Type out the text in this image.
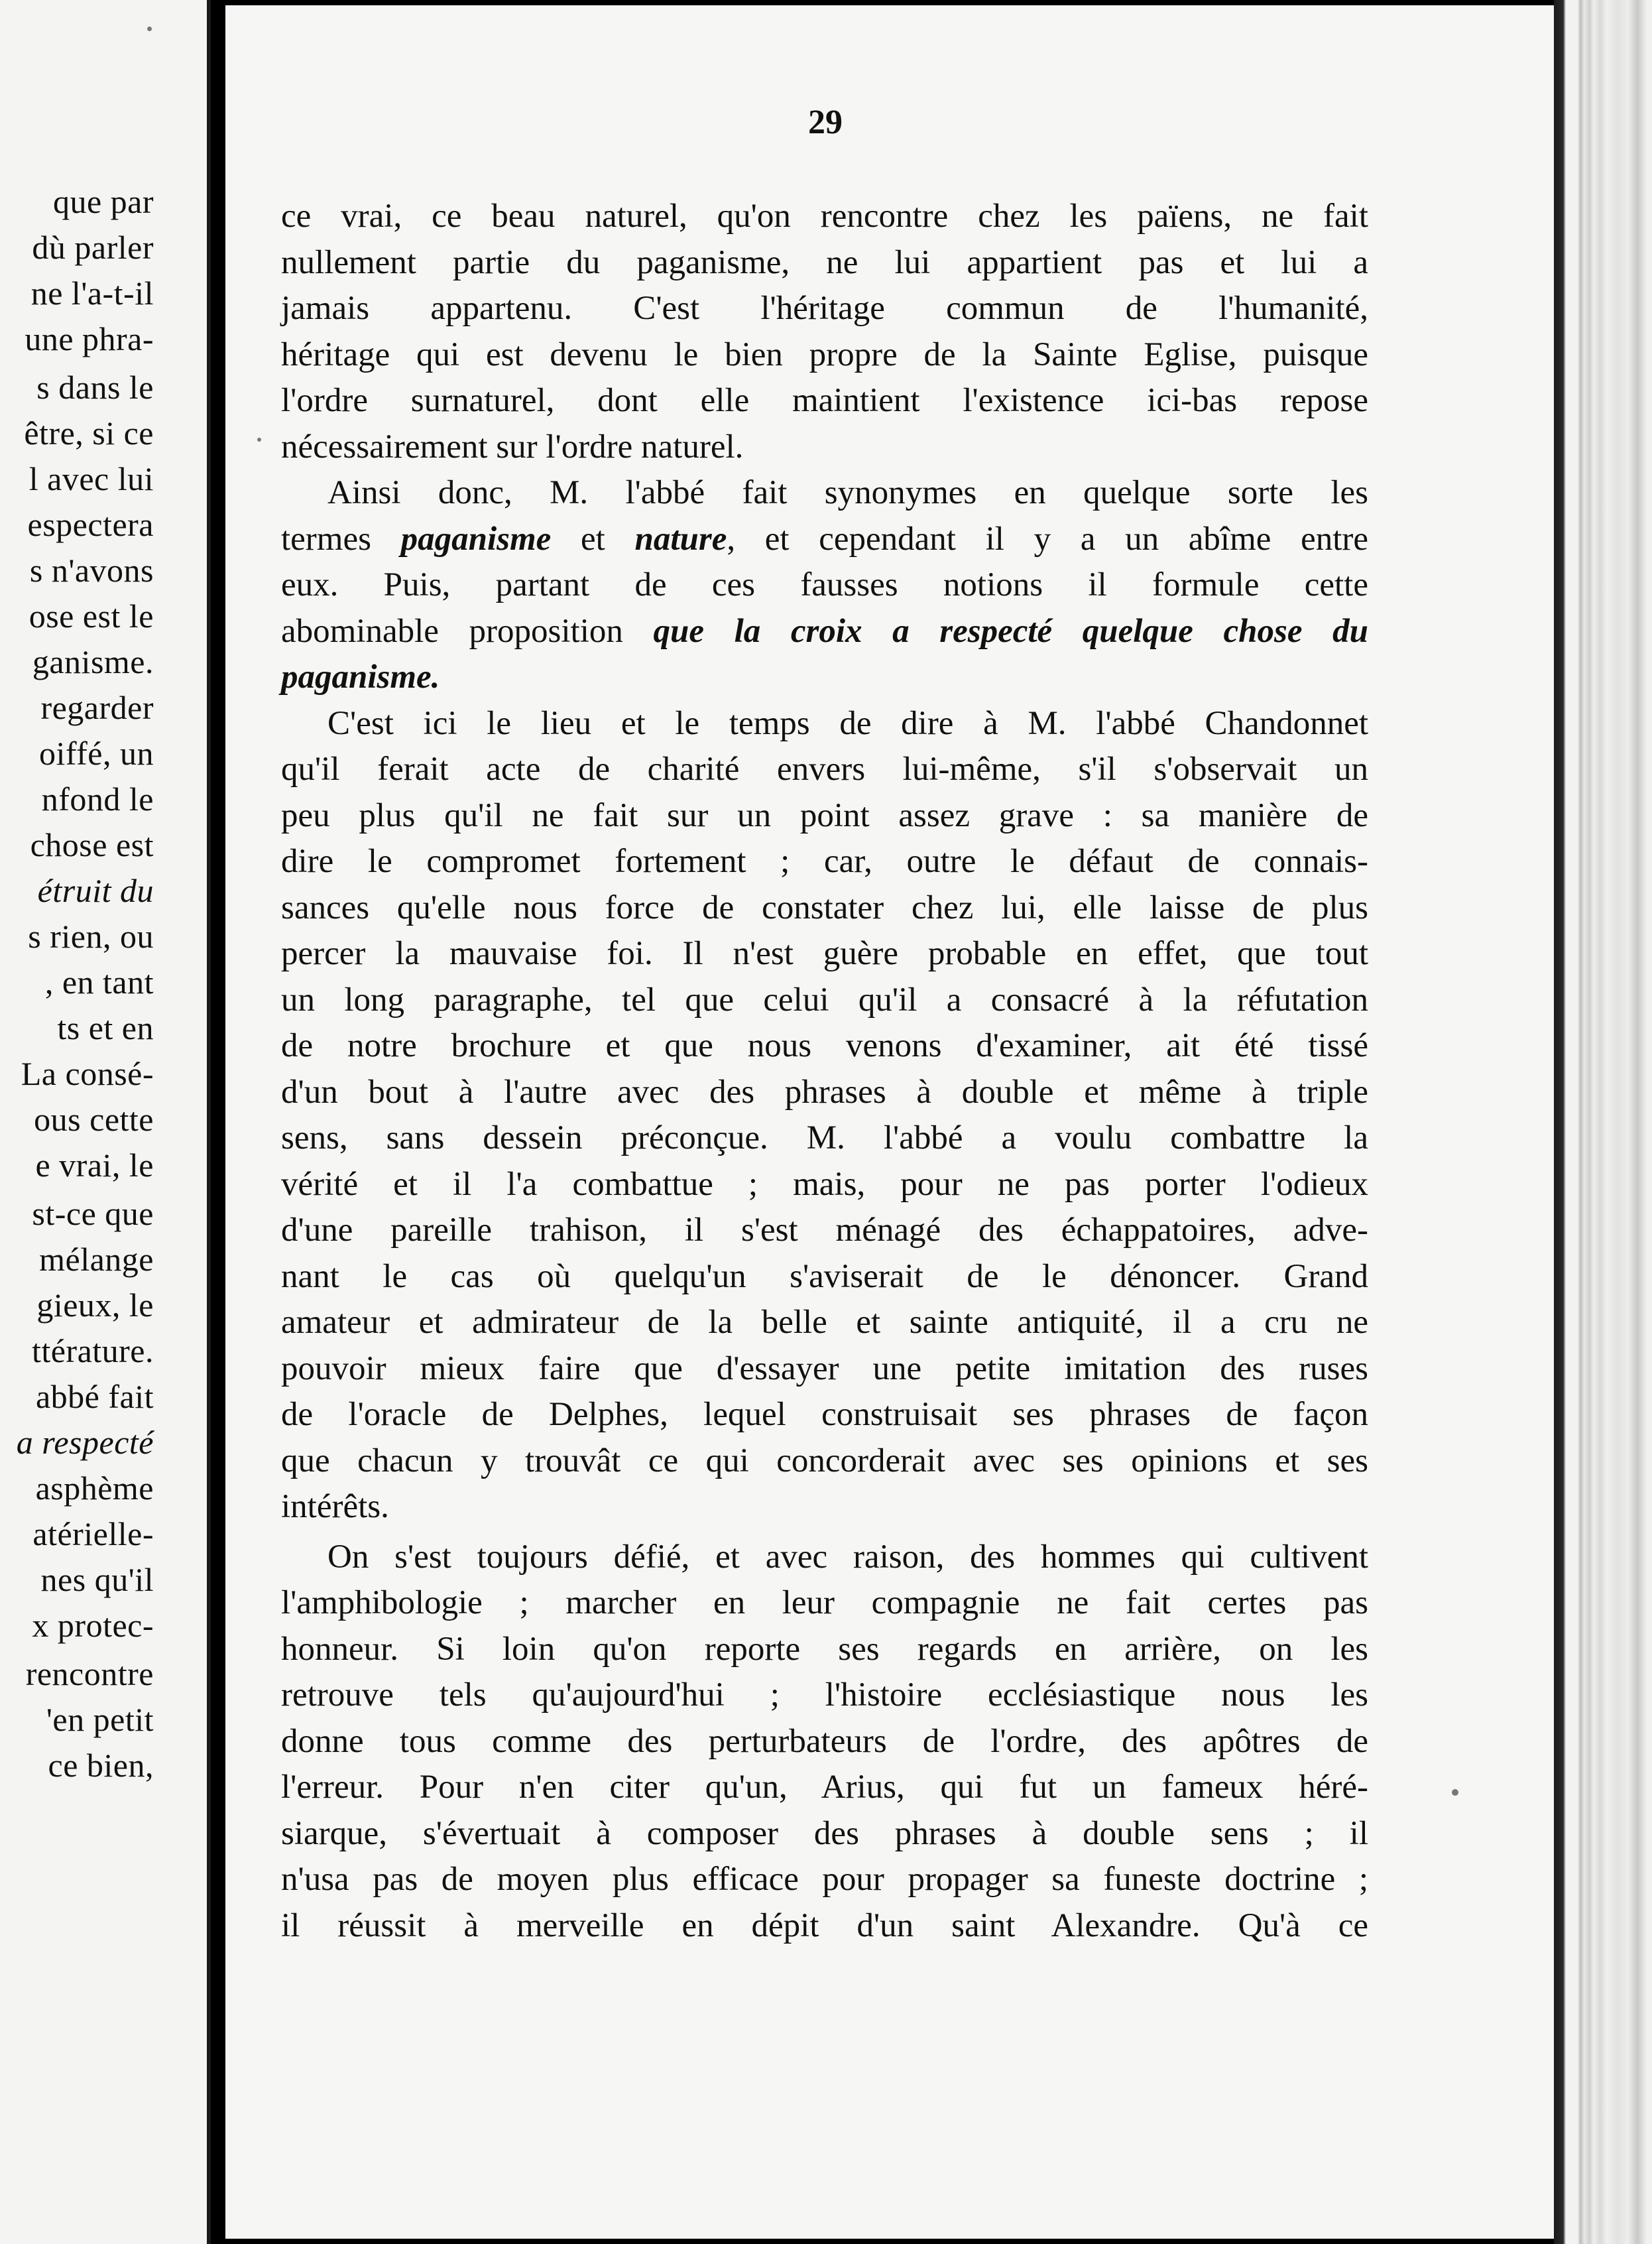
que par
dù parler
ne l'a-t-il
une phra-
s dans le
être, si ce
l avec lui
espectera
s n'avons
ose est le
ganisme.
regarder
oiffé, un
nfond le
chose est
étruit du
s rien, ou
, en tant
ts et en
La consé-
ous cette
e vrai, le
st-ce que
mélange
gieux, le
ttérature.
abbé fait
a respecté
asphème
atérielle-
nes qu'il
x protec-
rencontre
'en petit
ce bien,
29
ce vrai, ce beau naturel, qu'on rencontre chez les païens, ne fait
nullement partie du paganisme, ne lui appartient pas et lui a
jamais appartenu. C'est l'héritage commun de l'humanité,
héritage qui est devenu le bien propre de la Sainte Eglise, puisque
l'ordre surnaturel, dont elle maintient l'existence ici-bas repose
nécessairement sur l'ordre naturel.
Ainsi donc, M. l'abbé fait synonymes en quelque sorte les
termes paganisme et nature, et cependant il y a un abîme entre
eux. Puis, partant de ces fausses notions il formule cette
abominable proposition que la croix a respecté quelque chose du
paganisme.
C'est ici le lieu et le temps de dire à M. l'abbé Chandonnet
qu'il ferait acte de charité envers lui-même, s'il s'observait un
peu plus qu'il ne fait sur un point assez grave : sa manière de
dire le compromet fortement ; car, outre le défaut de connais-
sances qu'elle nous force de constater chez lui, elle laisse de plus
percer la mauvaise foi. Il n'est guère probable en effet, que tout
un long paragraphe, tel que celui qu'il a consacré à la réfutation
de notre brochure et que nous venons d'examiner, ait été tissé
d'un bout à l'autre avec des phrases à double et même à triple
sens, sans dessein préconçue. M. l'abbé a voulu combattre la
vérité et il l'a combattue ; mais, pour ne pas porter l'odieux
d'une pareille trahison, il s'est ménagé des échappatoires, adve-
nant le cas où quelqu'un s'aviserait de le dénoncer. Grand
amateur et admirateur de la belle et sainte antiquité, il a cru ne
pouvoir mieux faire que d'essayer une petite imitation des ruses
de l'oracle de Delphes, lequel construisait ses phrases de façon
que chacun y trouvât ce qui concorderait avec ses opinions et ses
intérêts.
On s'est toujours défié, et avec raison, des hommes qui cultivent
l'amphibologie ; marcher en leur compagnie ne fait certes pas
honneur. Si loin qu'on reporte ses regards en arrière, on les
retrouve tels qu'aujourd'hui ; l'histoire ecclésiastique nous les
donne tous comme des perturbateurs de l'ordre, des apôtres de
l'erreur. Pour n'en citer qu'un, Arius, qui fut un fameux héré-
siarque, s'évertuait à composer des phrases à double sens ; il
n'usa pas de moyen plus efficace pour propager sa funeste doctrine ;
il réussit à merveille en dépit d'un saint Alexandre. Qu'à ce
